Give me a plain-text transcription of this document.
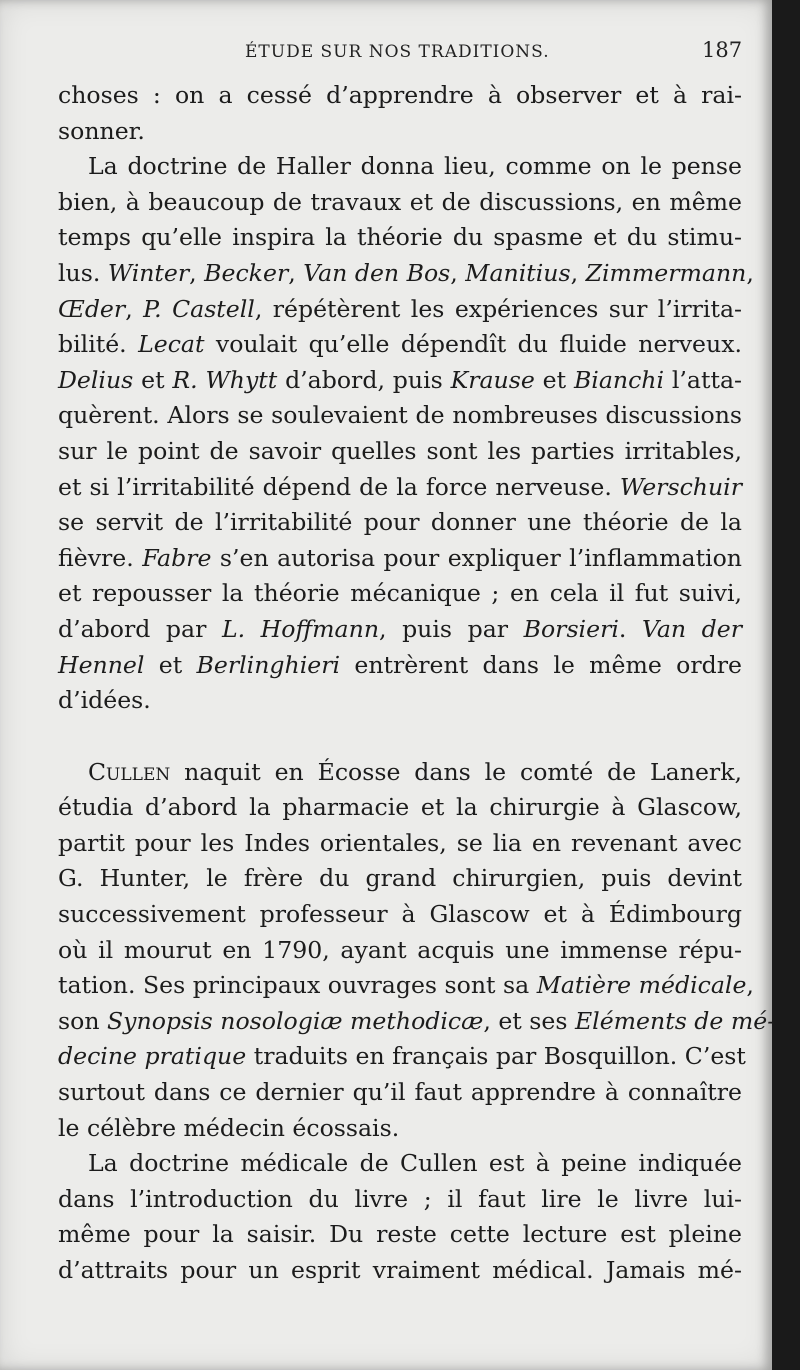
ÉTUDE SUR NOS TRADITIONS.	187
choses : on a cessé d’apprendre à observer et à rai-
sonner.
La doctrine de Haller donna lieu, comme on le pense
bien, à beaucoup de travaux et de discussions, en même
temps qu’elle inspira la théorie du spasme et du stimu-
lus. Winter, Becker, Van den Bos, Manitius, Zimmermann,
Œder, P. Castell, répétèrent les expériences sur l’irrita-
bilité. Lecat voulait qu’elle dépendît du fluide nerveux.
Delius et R. Whytt d’abord, puis Krause et Bianchi l’atta-
quèrent. Alors se soulevaient de nombreuses discussions
sur le point de savoir quelles sont les parties irritables,
et si l’irritabilité dépend de la force nerveuse. Werschuir
se servit de l’irritabilité pour donner une théorie de la
fièvre. Fabre s’en autorisa pour expliquer l’inflammation
et repousser la théorie mécanique ; en cela il fut suivi,
d’abord par L. Hoffmann, puis par Borsieri. Van der
Hennel et Berlinghieri entrèrent dans le même ordre
d’idées.
Cullen naquit en Écosse dans le comté de Lanerk,
étudia d’abord la pharmacie et la chirurgie à Glascow,
partit pour les Indes orientales, se lia en revenant avec
G. Hunter, le frère du grand chirurgien, puis devint
successivement professeur à Glascow et à Édimbourg
où il mourut en 1790, ayant acquis une immense répu-
tation. Ses principaux ouvrages sont sa Matière médicale,
son Synopsis nosologiæ methodicæ, et ses Eléments de mé-
decine pratique traduits en français par Bosquillon. C’est
surtout dans ce dernier qu’il faut apprendre à connaître
le célèbre médecin écossais.
La doctrine médicale de Cullen est à peine indiquée
dans l’introduction du livre ; il faut lire le livre lui-
même pour la saisir. Du reste cette lecture est pleine
d’attraits pour un esprit vraiment médical. Jamais mé-
